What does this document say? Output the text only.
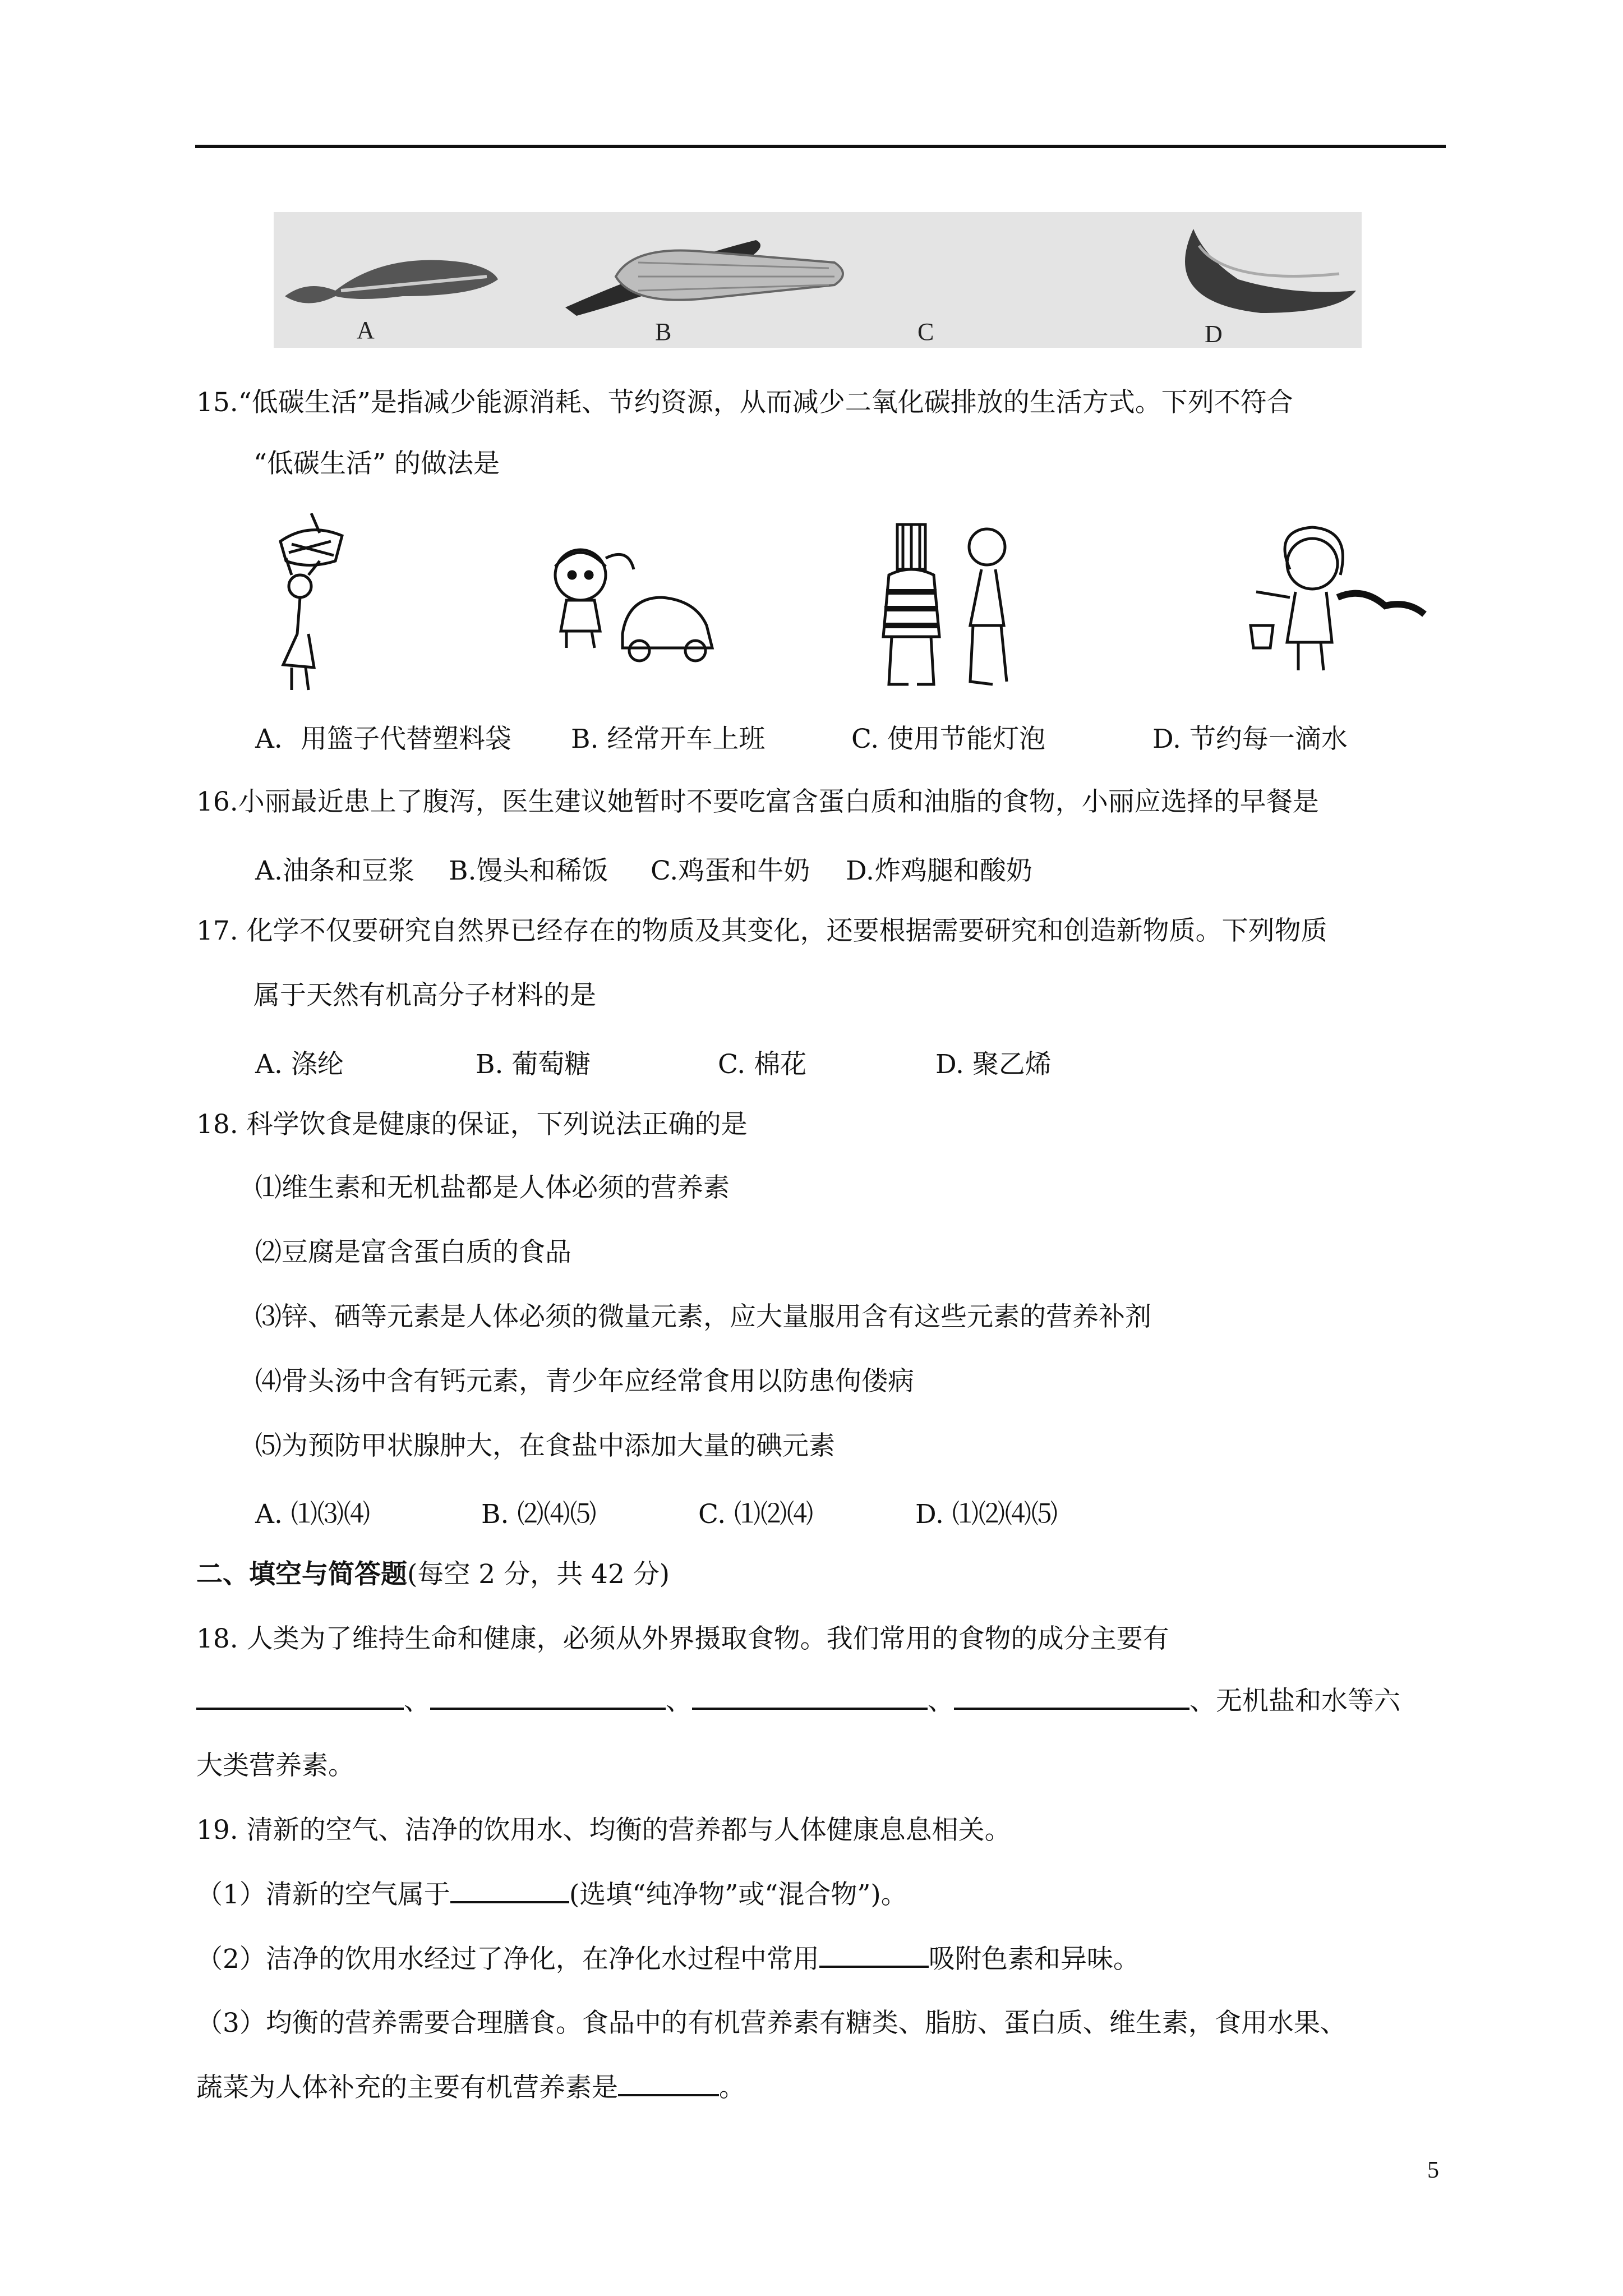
A	B	C	D
15.“低碳生活”是指减少能源消耗、节约资源，从而减少二氧化碳排放的生活方式。下列不符合
“低碳生活” 的做法是
A．用篮子代替塑料袋 B. 经常开车上班	C. 使用节能灯泡	D. 节约每一滴水
16.小丽最近患上了腹泻，医生建议她暂时不要吃富含蛋白质和油脂的食物，小丽应选择的早餐是
A.油条和豆浆 B.馒头和稀饭 C.鸡蛋和牛奶 D.炸鸡腿和酸奶
17. 化学不仅要研究自然界已经存在的物质及其变化，还要根据需要研究和创造新物质。下列物质
属于天然有机高分子材料的是
A. 涤纶	B. 葡萄糖	C. 棉花	D. 聚乙烯
18. 科学饮食是健康的保证，下列说法正确的是
⑴维生素和无机盐都是人体必须的营养素
⑵豆腐是富含蛋白质的食品
⑶锌、硒等元素是人体必须的微量元素，应大量服用含有这些元素的营养补剂
⑷骨头汤中含有钙元素，青少年应经常食用以防患佝偻病
⑸为预防甲状腺肿大，在食盐中添加大量的碘元素
A. ⑴⑶⑷	B. ⑵⑷⑸	C. ⑴⑵⑷	D. ⑴⑵⑷⑸
二、填空与简答题(每空 2 分，共 42 分)
18. 人类为了维持生命和健康，必须从外界摄取食物。我们常用的食物的成分主要有
、	、	、	、无机盐和水等六
大类营养素。
19. 清新的空气、洁净的饮用水、均衡的营养都与人体健康息息相关。
（1）清新的空气属于	(选填“纯净物”或“混合物”)。
（2）洁净的饮用水经过了净化，在净化水过程中常用	吸附色素和异味。
（3）均衡的营养需要合理膳食。食品中的有机营养素有糖类、脂肪、蛋白质、维生素，食用水果、
蔬菜为人体补充的主要有机营养素是	。
5
